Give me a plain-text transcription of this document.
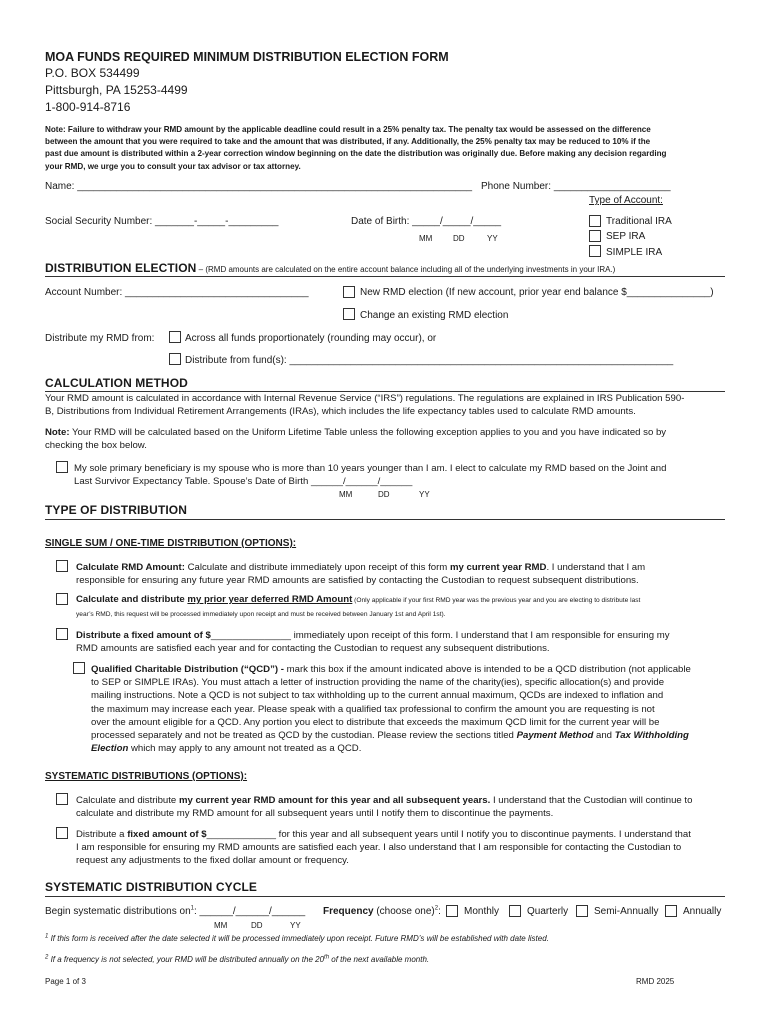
MOA FUNDS REQUIRED MINIMUM DISTRIBUTION ELECTION FORM
P.O. BOX 534499
Pittsburgh, PA 15253-4499
1-800-914-8716
Note: Failure to withdraw your RMD amount by the applicable deadline could result in a 25% penalty tax. The penalty tax would be assessed on the difference
between the amount that you were required to take and the amount that was distributed, if any. Additionally, the 25% penalty tax may be reduced to 10% if the
past due amount is distributed within a 2-year correction window beginning on the date the distribution was originally due. Before making any decision regarding
your RMD, we urge you to consult your tax advisor or tax attorney.
Name: _______________________________________________________________________ Phone Number: _____________________
Type of Account:
Social Security Number: _______-_____-_________	Date of Birth: _____/_____/_____
MM	DD	YY
Traditional IRA
SEP IRA
SIMPLE IRA
DISTRIBUTION ELECTION – (RMD amounts are calculated on the entire account balance including all of the underlying investments in your IRA.)
Account Number: _________________________________	New RMD election (If new account, prior year end balance $_______________)
Change an existing RMD election
Distribute my RMD from:	Across all funds proportionately (rounding may occur), or
Distribute from fund(s): _____________________________________________________________________
CALCULATION METHOD
Your RMD amount is calculated in accordance with Internal Revenue Service (“IRS”) regulations. The regulations are explained in IRS Publication 590-
B, Distributions from Individual Retirement Arrangements (IRAs), which includes the life expectancy tables used to calculate RMD amounts.
Note: Your RMD will be calculated based on the Uniform Lifetime Table unless the following exception applies to you and you have indicated so by
checking the box below.
My sole primary beneficiary is my spouse who is more than 10 years younger than I am. I elect to calculate my RMD based on the Joint and
Last Survivor Expectancy Table. Spouse’s Date of Birth ______/______/______
MM	DD	YY
TYPE OF DISTRIBUTION
SINGLE SUM / ONE-TIME DISTRIBUTION (OPTIONS):
Calculate RMD Amount: Calculate and distribute immediately upon receipt of this form my current year RMD. I understand that I am
responsible for ensuring any future year RMD amounts are satisfied by contacting the Custodian to request subsequent distributions.
Calculate and distribute my prior year deferred RMD Amount (Only applicable if your first RMD year was the previous year and you are electing to distribute last
year’s RMD, this request will be processed immediately upon receipt and must be received between January 1st and April 1st).
Distribute a fixed amount of $_______________ immediately upon receipt of this form. I understand that I am responsible for ensuring my
RMD amounts are satisfied each year and for contacting the Custodian to request any subsequent distributions.
Qualified Charitable Distribution (“QCD”) - mark this box if the amount indicated above is intended to be a QCD distribution (not applicable
to SEP or SIMPLE IRAs). You must attach a letter of instruction providing the name of the charity(ies), specific allocation(s) and provide
mailing instructions. Note a QCD is not subject to tax withholding up to the current annual maximum, QCDs are indexed to inflation and
the maximum may increase each year. Please speak with a qualified tax professional to confirm the amount you are requesting is not
over the amount eligible for a QCD. Any portion you elect to distribute that exceeds the maximum QCD limit for the current year will be
processed separately and not be treated as QCD by the custodian. Please review the sections titled Payment Method and Tax Withholding
Election which may apply to any amount not treated as a QCD.
SYSTEMATIC DISTRIBUTIONS (OPTIONS):
Calculate and distribute my current year RMD amount for this year and all subsequent years. I understand that the Custodian will continue to
calculate and distribute my RMD amount for all subsequent years until I notify them to discontinue the payments.
Distribute a fixed amount of $_____________ for this year and all subsequent years until I notify you to discontinue payments. I understand that
I am responsible for ensuring my RMD amounts are satisfied each year. I also understand that I am responsible for contacting the Custodian to
request any adjustments to the fixed dollar amount or frequency.
SYSTEMATIC DISTRIBUTION CYCLE
Begin systematic distributions $on^1$: ______/______/______
MM	DD	YY
Frequency (choose one)$^2$: Monthly	Quarterly	Semi-Annually Annually
$^1$ If this form is received after the date selected it will be processed immediately upon receipt. Future RMD’s will be established with date listed.
$^2$ If a frequency is not selected, your RMD will be distributed annually on the 20th of the next available month.
Page 1 of 3	RMD 2025
